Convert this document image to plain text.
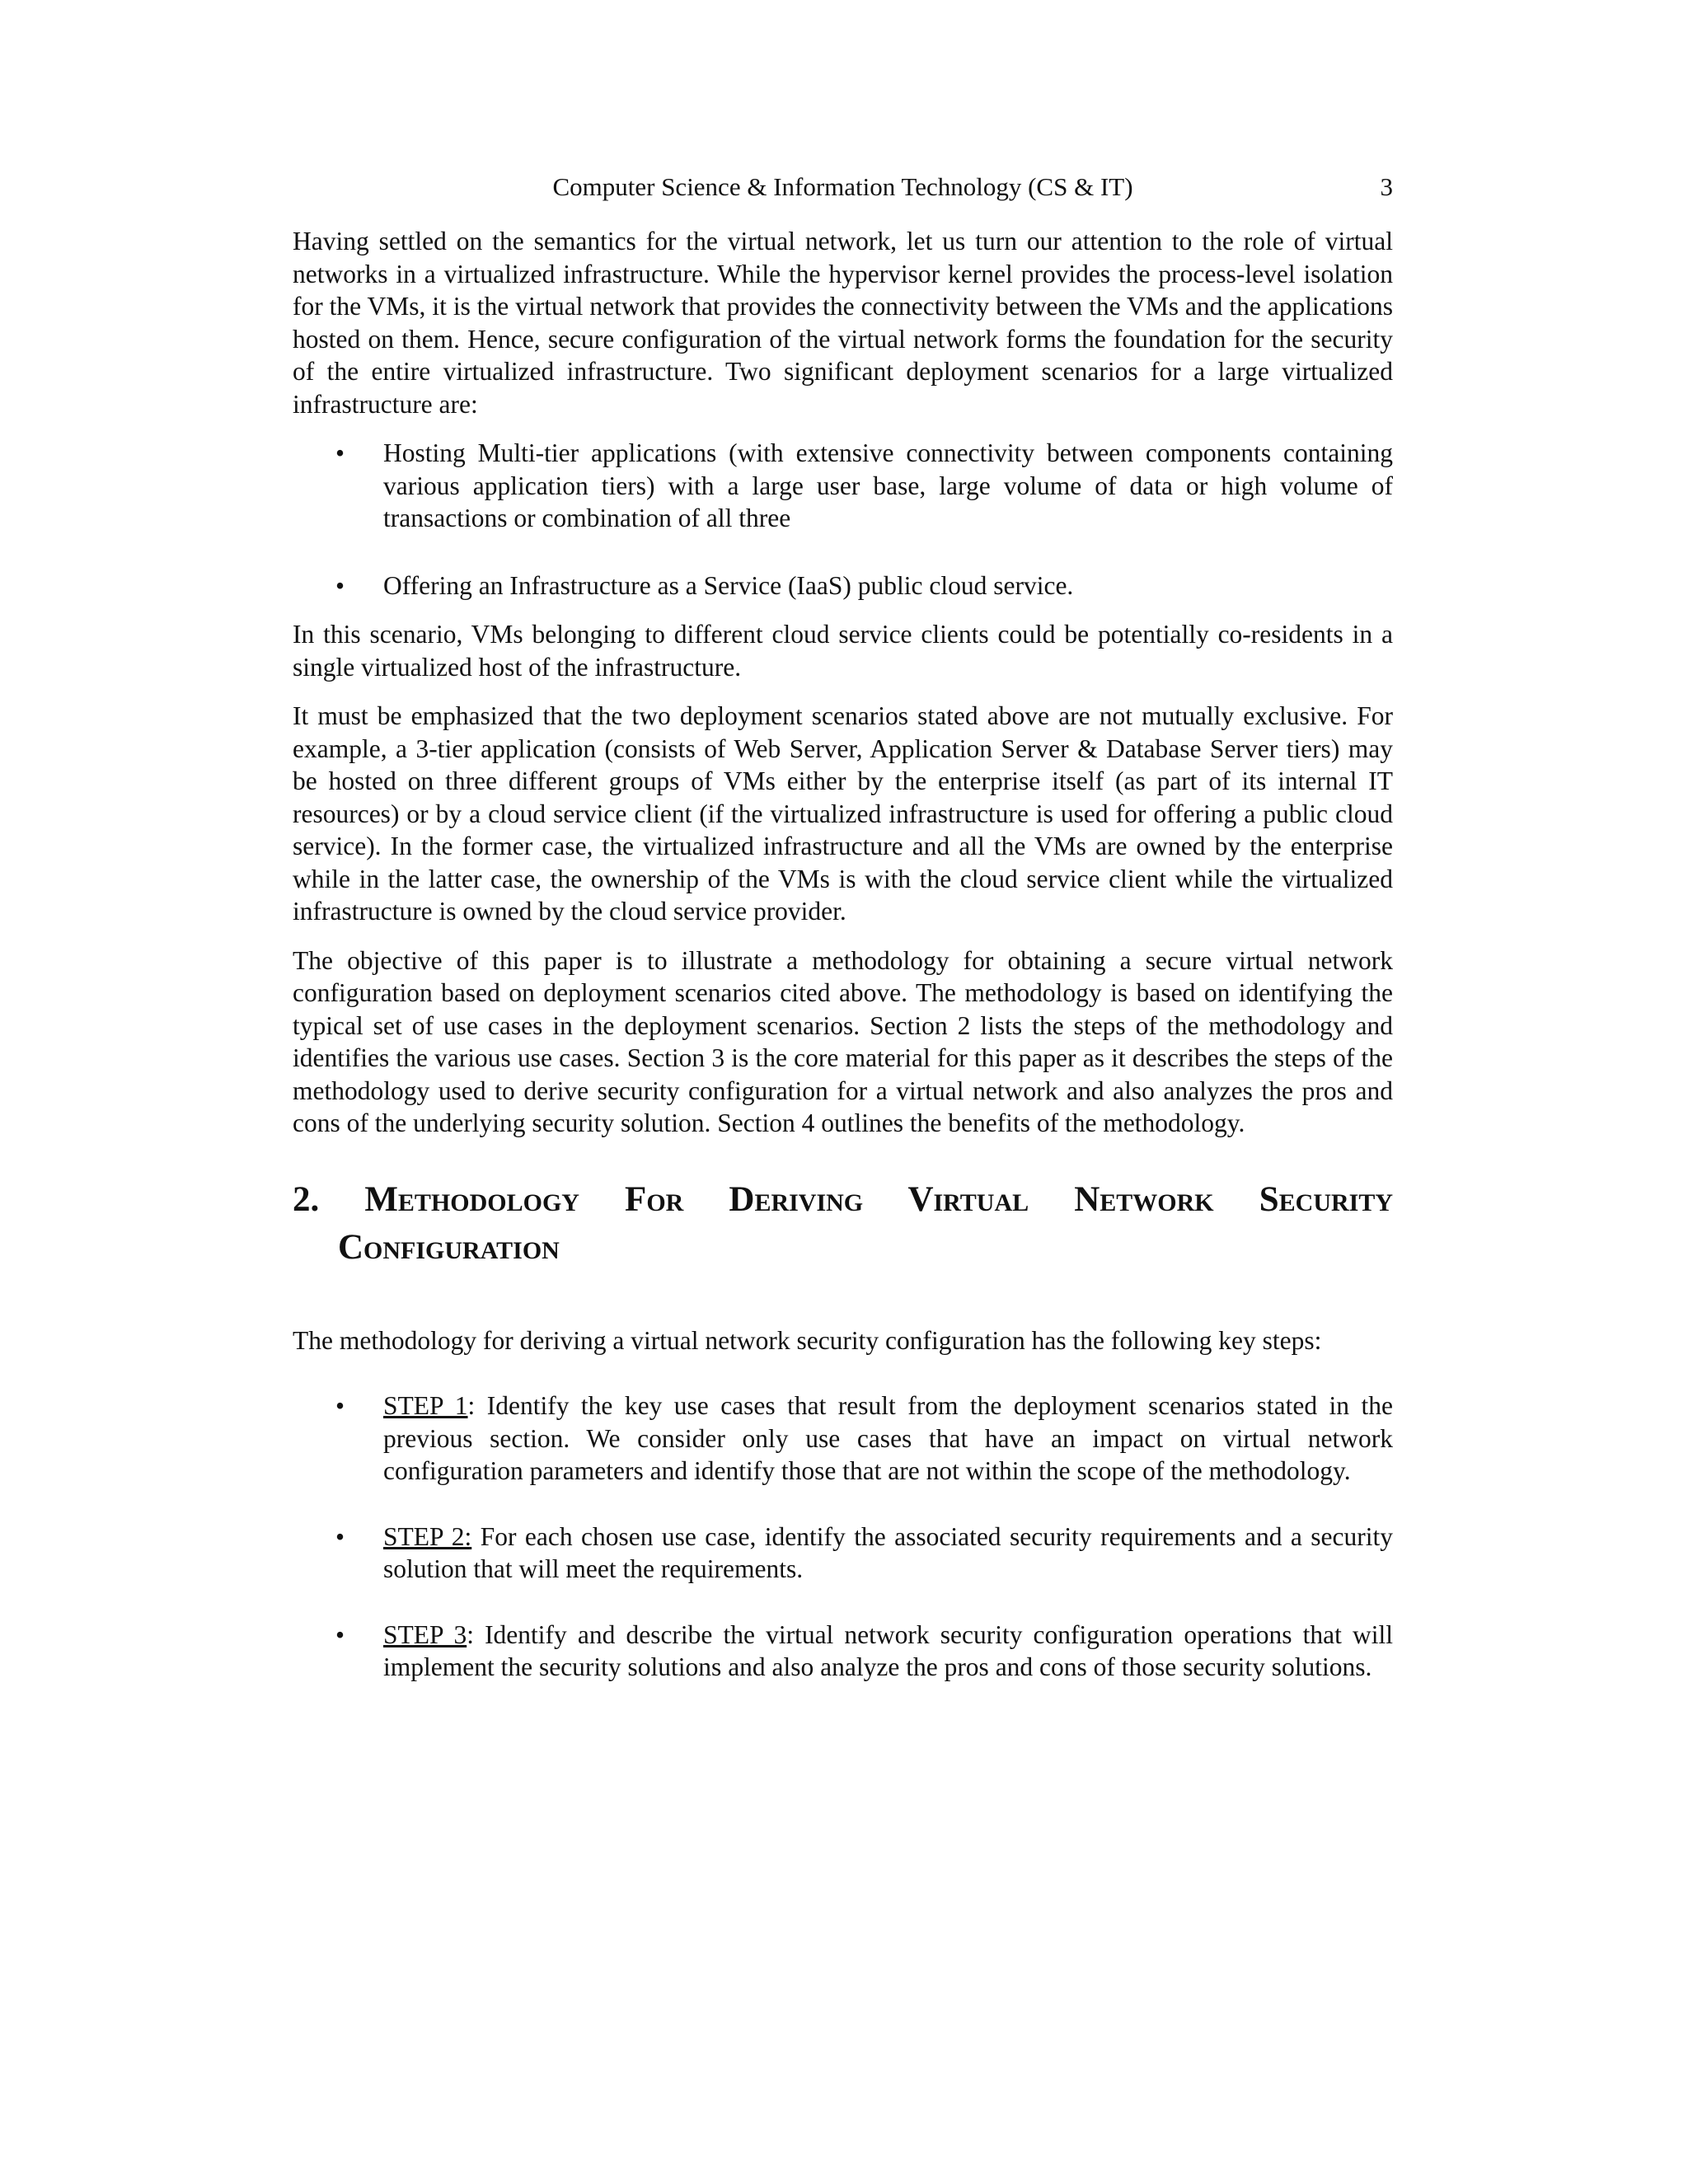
Computer Science & Information Technology (CS & IT)	3

Having settled on the semantics for the virtual network, let us turn our attention to the role of virtual networks in a virtualized infrastructure. While the hypervisor kernel provides the process-level isolation for the VMs, it is the virtual network that provides the connectivity between the VMs and the applications hosted on them. Hence, secure configuration of the virtual network forms the foundation for the security of the entire virtualized infrastructure. Two significant deployment scenarios for a large virtualized infrastructure are:

• Hosting Multi-tier applications (with extensive connectivity between components containing various application tiers) with a large user base, large volume of data or high volume of transactions or combination of all three

• Offering an Infrastructure as a Service (IaaS) public cloud service.

In this scenario, VMs belonging to different cloud service clients could be potentially co-residents in a single virtualized host of the infrastructure.

It must be emphasized that the two deployment scenarios stated above are not mutually exclusive. For example, a 3-tier application (consists of Web Server, Application Server & Database Server tiers) may be hosted on three different groups of VMs either by the enterprise itself (as part of its internal IT resources) or by a cloud service client (if the virtualized infrastructure is used for offering a public cloud service). In the former case, the virtualized infrastructure and all the VMs are owned by the enterprise while in the latter case, the ownership of the VMs is with the cloud service client while the virtualized infrastructure is owned by the cloud service provider.

The objective of this paper is to illustrate a methodology for obtaining a secure virtual network configuration based on deployment scenarios cited above. The methodology is based on identifying the typical set of use cases in the deployment scenarios. Section 2 lists the steps of the methodology and identifies the various use cases. Section 3 is the core material for this paper as it describes the steps of the methodology used to derive security configuration for a virtual network and also analyzes the pros and cons of the underlying security solution. Section 4 outlines the benefits of the methodology.

2. Methodology For Deriving Virtual Network Security Configuration

The methodology for deriving a virtual network security configuration has the following key steps:

• STEP 1: Identify the key use cases that result from the deployment scenarios stated in the previous section. We consider only use cases that have an impact on virtual network configuration parameters and identify those that are not within the scope of the methodology.

• STEP 2: For each chosen use case, identify the associated security requirements and a security solution that will meet the requirements.

• STEP 3: Identify and describe the virtual network security configuration operations that will implement the security solutions and also analyze the pros and cons of those security solutions.
